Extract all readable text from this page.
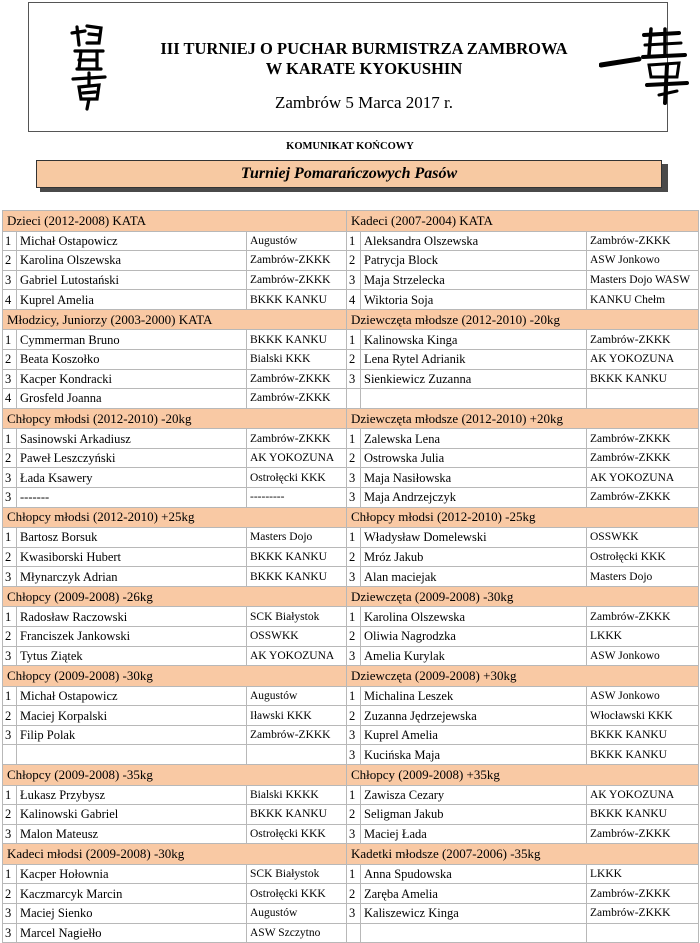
III TURNIEJ O PUCHAR BURMISTRZA ZAMBROWA
W KARATE KYOKUSHIN
Zambrów 5 Marca 2017 r.
KOMUNIKAT KOŃCOWY
Turniej Pomarańczowych Pasów
Dzieci (2012-2008) KATA			Kadeci (2007-2004) KATA		
1	Michał Ostapowicz	Augustów	1	Aleksandra Olszewska	Zambrów-ZKKK
2	Karolina Olszewska	Zambrów-ZKKK	2	Patrycja Block	ASW Jonkowo
3	Gabriel Lutostański	Zambrów-ZKKK	3	Maja Strzelecka	Masters Dojo WASW
4	Kuprel Amelia	BKKK KANKU	4	Wiktoria Soja	KANKU Chełm
Młodzicy, Juniorzy (2003-2000) KATA			Dziewczęta młodsze (2012-2010) -20kg		
1	Cymmerman Bruno	BKKK KANKU	1	Kalinowska Kinga	Zambrów-ZKKK
2	Beata Koszołko	Bialski KKK	2	Lena Rytel Adrianik	AK YOKOZUNA
3	Kacper Kondracki	Zambrów-ZKKK	3	Sienkiewicz Zuzanna	BKKK KANKU
4	Grosfeld Joanna	Zambrów-ZKKK			
Chłopcy młodsi (2012-2010) -20kg			Dziewczęta młodsze (2012-2010) +20kg		
1	Sasinowski Arkadiusz	Zambrów-ZKKK	1	Zalewska Lena	Zambrów-ZKKK
2	Paweł Leszczyński	AK YOKOZUNA	2	Ostrowska Julia	Zambrów-ZKKK
3	Łada Ksawery	Ostrołęcki KKK	3	Maja Nasiłowska	AK YOKOZUNA
3	-------	---------	3	Maja Andrzejczyk	Zambrów-ZKKK
Chłopcy młodsi (2012-2010) +25kg			Chłopcy młodsi (2012-2010) -25kg		
1	Bartosz Borsuk	Masters Dojo	1	Władysław Domelewski	OSSWKK
2	Kwasiborski Hubert	BKKK KANKU	2	Mróz Jakub	Ostrołęcki KKK
3	Młynarczyk Adrian	BKKK KANKU	3	Alan maciejak	Masters Dojo
Chłopcy (2009-2008) -26kg			Dziewczęta (2009-2008) -30kg		
1	Radosław Raczowski	SCK Białystok	1	Karolina Olszewska	Zambrów-ZKKK
2	Franciszek Jankowski	OSSWKK	2	Oliwia Nagrodzka	LKKK
3	Tytus Ziątek	AK YOKOZUNA	3	Amelia Kurylak	ASW Jonkowo
Chłopcy (2009-2008) -30kg			Dziewczęta (2009-2008) +30kg		
1	Michał Ostapowicz	Augustów	1	Michalina Leszek	ASW Jonkowo
2	Maciej Korpalski	Iławski KKK	2	Zuzanna Jędrzejewska	Włocławski KKK
3	Filip Polak	Zambrów-ZKKK	3	Kuprel Amelia	BKKK KANKU
			3	Kucińska Maja	BKKK KANKU
Chłopcy (2009-2008) -35kg			Chłopcy (2009-2008) +35kg		
1	Łukasz Przybysz	Bialski KKKK	1	Zawisza Cezary	AK YOKOZUNA
2	Kalinowski Gabriel	BKKK KANKU	2	Seligman Jakub	BKKK KANKU
3	Malon Mateusz	Ostrołęcki KKK	3	Maciej Łada	Zambrów-ZKKK
Kadeci młodsi (2009-2008) -30kg			Kadetki młodsze (2007-2006) -35kg		
1	Kacper Hołownia	SCK Białystok	1	Anna Spudowska	LKKK
2	Kaczmarcyk Marcin	Ostrołęcki KKK	2	Zaręba Amelia	Zambrów-ZKKK
3	Maciej Sienko	Augustów	3	Kaliszewicz Kinga	Zambrów-ZKKK
3	Marcel Nagiełło	ASW Szczytno			
